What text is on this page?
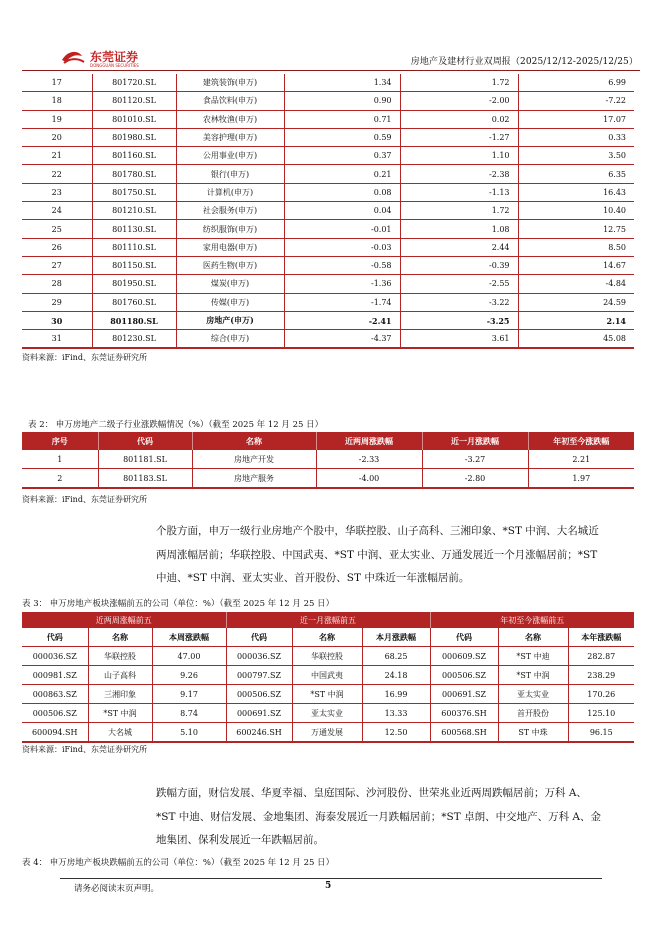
东莞证券
DONGGUAN SECURITIES	房地产及建材行业双周报（2025/12/12-2025/12/25）
17	801720.SL	建筑装饰(申万)	1.34	1.72	6.99
18	801120.SL	食品饮料(申万)	0.90	-2.00	-7.22
19	801010.SL	农林牧渔(申万)	0.71	0.02	17.07
20	801980.SL	美容护理(申万)	0.59	-1.27	0.33
21	801160.SL	公用事业(申万)	0.37	1.10	3.50
22	801780.SL	银行(申万)	0.21	-2.38	6.35
23	801750.SL	计算机(申万)	0.08	-1.13	16.43
24	801210.SL	社会服务(申万)	0.04	1.72	10.40
25	801130.SL	纺织服饰(申万)	-0.01	1.08	12.75
26	801110.SL	家用电器(申万)	-0.03	2.44	8.50
27	801150.SL	医药生物(申万)	-0.58	-0.39	14.67
28	801950.SL	煤炭(申万)	-1.36	-2.55	-4.84
29	801760.SL	传媒(申万)	-1.74	-3.22	24.59
30	801180.SL	房地产(申万)	-2.41	-3.25	2.14
31	801230.SL	综合(申万)	-4.37	3.61	45.08
资料来源：iFind、东莞证券研究所
表 2： 申万房地产二级子行业涨跌幅情况（%）（截至 2025 年 12 月 25 日）
序号	代码	名称	近两周涨跌幅	近一月涨跌幅	年初至今涨跌幅
1	801181.SL	房地产开发	-2.33	-3.27	2.21
2	801183.SL	房地产服务	-4.00	-2.80	1.97
资料来源：iFind、东莞证券研究所
个股方面，申万一级行业房地产个股中，华联控股、山子高科、三湘印象、*ST 中润、大名城近两周涨幅居前；华联控股、中国武夷、*ST 中润、亚太实业、万通发展近一个月涨幅居前；*ST 中迪、*ST 中润、亚太实业、首开股份、ST 中珠近一年涨幅居前。
表 3： 申万房地产板块涨幅前五的公司（单位：%）（截至 2025 年 12 月 25 日）
近两周涨幅前五			近一月涨幅前五			年初至今涨幅前五		
代码	名称	本周涨跌幅	代码	名称	本月涨跌幅	代码	名称	本年涨跌幅
000036.SZ	华联控股	47.00	000036.SZ	华联控股	68.25	000609.SZ	*ST 中迪	282.87
000981.SZ	山子高科	9.26	000797.SZ	中国武夷	24.18	000506.SZ	*ST 中润	238.29
000863.SZ	三湘印象	9.17	000506.SZ	*ST 中润	16.99	000691.SZ	亚太实业	170.26
000506.SZ	*ST 中润	8.74	000691.SZ	亚太实业	13.33	600376.SH	首开股份	125.10
600094.SH	大名城	5.10	600246.SH	万通发展	12.50	600568.SH	ST 中珠	96.15
资料来源：iFind、东莞证券研究所
跌幅方面，财信发展、华夏幸福、皇庭国际、沙河股份、世荣兆业近两周跌幅居前；万科 A、*ST 中迪、财信发展、金地集团、海泰发展近一月跌幅居前；*ST 卓朗、中交地产、万科 A、金地集团、保利发展近一年跌幅居前。
表 4： 申万房地产板块跌幅前五的公司（单位：%）（截至 2025 年 12 月 25 日）
请务必阅读末页声明。	5
